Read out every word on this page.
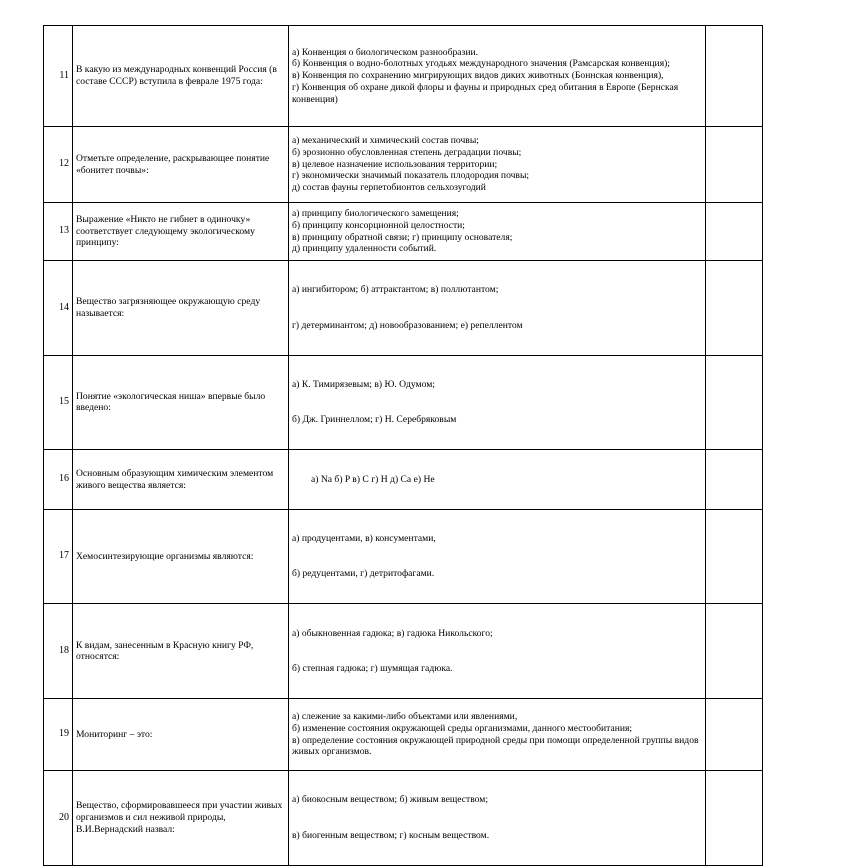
11	В какую из международных конвенций Россия (в составе СССР) вступила в феврале 1975 года:	а) Конвенция о биологическом разнообразии.
б) Конвенция о водно-болотных угодьях международного значения (Рамсарская конвенция);
в) Конвенция по сохранению мигрирующих видов диких животных (Боннская конвенция),
г) Конвенция об охране дикой флоры и фауны и природных сред обитания в Европе (Бернская конвенция)	

12	Отметьте определение, раскрывающее понятие «бонитет почвы»:	а) механический и химический состав почвы;
б) эрозионно обусловленная степень деградации почвы;
в) целевое назначение использования территории;
г) экономически значимый показатель плодородия почвы;
д) состав фауны герпетобионтов сельхозугодий	

13	Выражение «Никто не гибнет в одиночку» соответствует следующему экологическому принципу:	а) принципу биологического замещения;
б) принципу консорционной целостности;
в) принципу обратной связи; г) принципу основателя;
д) принципу удаленности событий.	

14	Вещество загрязняющее окружающую среду называется:	а) ингибитором; б) аттрактантом; в) поллютантом;

г) детерминантом; д) новообразованием; е) репеллентом	

15	Понятие «экологическая ниша» впервые было введено:	а) К. Тимирязевым; в) Ю. Одумом;

б) Дж. Гриннеллом; г) Н. Серебряковым	

16	Основным образующим химическим элементом живого вещества является:	а) Na б) P в) C г) H д) Ca е) Не	

17	Хемосинтезирующие организмы являются:	а) продуцентами, в) консументами,

б) редуцентами, г) детритофагами.	

18	К видам, занесенным в Красную книгу РФ, относятся:	а) обыкновенная гадюка; в) гадюка Никольского;

б) степная гадюка; г) шумящая гадюка.	

19	Мониторинг – это:	а) слежение за какими-либо объектами или явлениями,
б) изменение состояния окружающей среды организмами, данного местообитания;
в) определение состояния окружающей природной среды при помощи определенной группы видов живых организмов.	

20	Вещество, сформировавшееся при участии живых организмов и сил неживой природы, В.И.Вернадский назвал:	а) биокосным веществом; б) живым веществом;

в) биогенным веществом; г) косным веществом.	
